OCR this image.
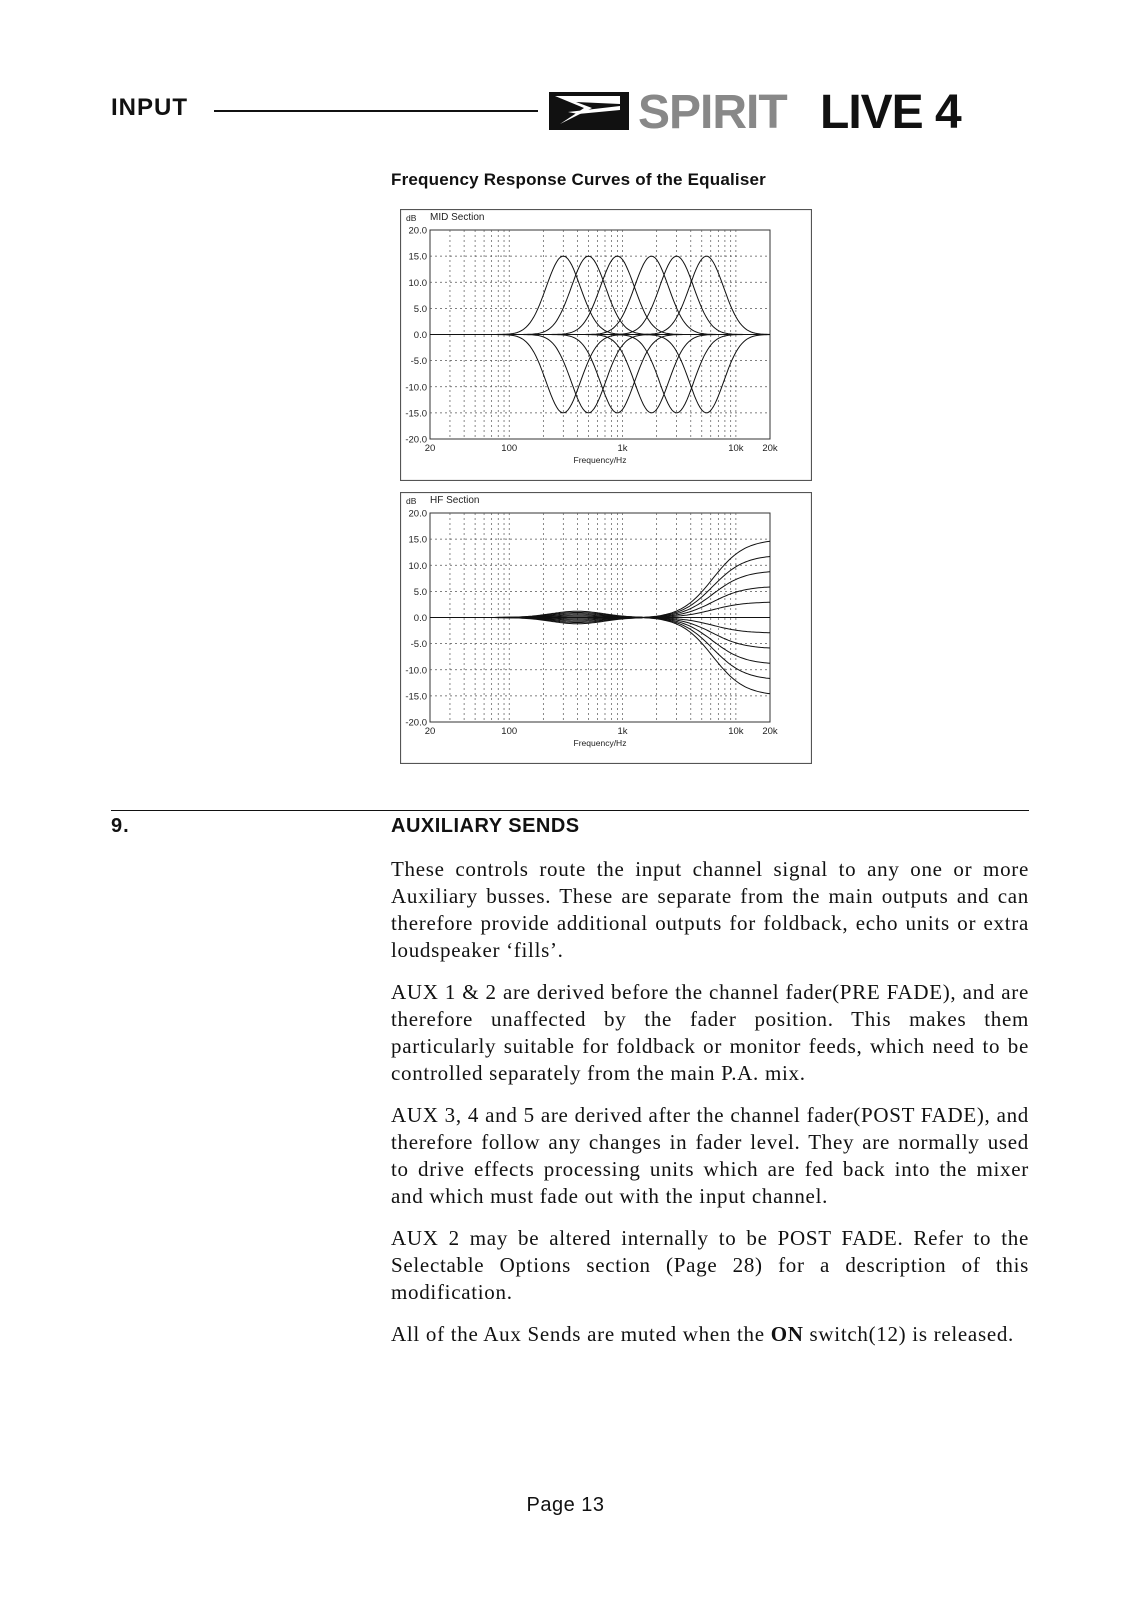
INPUT	SPIRIT LIVE 4
Frequency Response Curves of the Equaliser
20.0
15.0
10.0
5.0
0.0
-5.0
-10.0
-15.0
-20.0
20	100	1k	10k 20k
dB MID Section
Frequency/Hz
20.0
15.0
10.0
5.0
0.0
-5.0
-10.0
-15.0
-20.0
20	100	1k	10k 20k
dB HF Section
Frequency/Hz
9.	AUXILIARY SENDS

These controls route the input channel signal to any one or more Auxiliary busses. These are separate from the main outputs and can therefore provide additional outputs for foldback, echo units or extra loudspeaker ‘fills’.

AUX 1 & 2 are derived before the channel fader(PRE FADE), and are therefore unaffected by the fader position. This makes them particularly suitable for foldback or monitor feeds, which need to be controlled separately from the main P.A. mix.

AUX 3, 4 and 5 are derived after the channel fader(POST FADE), and therefore follow any changes in fader level. They are normally used to drive effects processing units which are fed back into the mixer and which must fade out with the input channel.

AUX 2 may be altered internally to be POST FADE. Refer to the Selectable Options section (Page 28) for a description of this modification.

All of the Aux Sends are muted when the ON switch(12) is released.

Page 13
